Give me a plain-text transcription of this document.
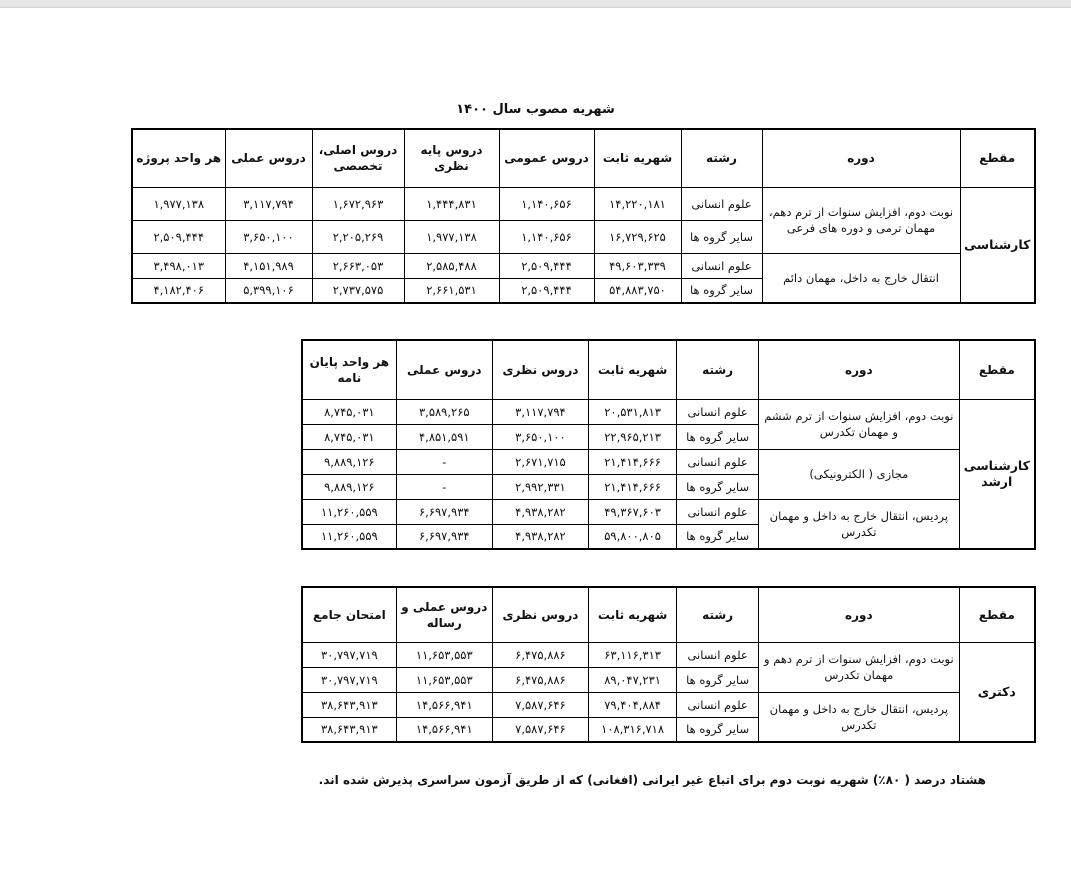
شهریه مصوب سال ۱۴۰۰
مقطع	دوره	رشته	شهریه ثابت	دروس عمومی	دروس پایه نظری	دروس اصلی، تخصصی	دروس عملی	هر واحد پروژه
کارشناسی	نوبت دوم، افزایش سنوات از ترم دهم، مهمان ترمی و دوره های فرعی	علوم انسانی	۱۴,۲۲۰,۱۸۱	۱,۱۴۰,۶۵۶	۱,۴۴۴,۸۳۱	۱,۶۷۲,۹۶۳	۳,۱۱۷,۷۹۴	۱,۹۷۷,۱۳۸
		سایر گروه ها	۱۶,۷۲۹,۶۲۵	۱,۱۴۰,۶۵۶	۱,۹۷۷,۱۳۸	۲,۲۰۵,۲۶۹	۳,۶۵۰,۱۰۰	۲,۵۰۹,۴۴۴
	انتقال خارج به داخل، مهمان دائم	علوم انسانی	۴۹,۶۰۳,۳۳۹	۲,۵۰۹,۴۴۴	۲,۵۸۵,۴۸۸	۲,۶۶۳,۰۵۳	۴,۱۵۱,۹۸۹	۳,۴۹۸,۰۱۳
		سایر گروه ها	۵۴,۸۸۳,۷۵۰	۲,۵۰۹,۴۴۴	۲,۶۶۱,۵۳۱	۲,۷۳۷,۵۷۵	۵,۳۹۹,۱۰۶	۴,۱۸۲,۴۰۶
مقطع	دوره	رشته	شهریه ثابت	دروس نظری	دروس عملی	هر واحد پایان نامه
کارشناسی ارشد	نوبت دوم، افزایش سنوات از ترم ششم و مهمان تکدرس	علوم انسانی	۲۰,۵۳۱,۸۱۳	۳,۱۱۷,۷۹۴	۳,۵۸۹,۲۶۵	۸,۷۴۵,۰۳۱
		سایر گروه ها	۲۲,۹۶۵,۲۱۳	۳,۶۵۰,۱۰۰	۴,۸۵۱,۵۹۱	۸,۷۴۵,۰۳۱
	مجازی ( الکترونیکی)	علوم انسانی	۲۱,۴۱۴,۶۶۶	۲,۶۷۱,۷۱۵	-	۹,۸۸۹,۱۲۶
		سایر گروه ها	۲۱,۴۱۴,۶۶۶	۲,۹۹۲,۳۳۱	-	۹,۸۸۹,۱۲۶
	پردیس، انتقال خارج به داخل و مهمان تکدرس	علوم انسانی	۴۹,۳۶۷,۶۰۳	۴,۹۳۸,۲۸۲	۶,۶۹۷,۹۳۴	۱۱,۲۶۰,۵۵۹
		سایر گروه ها	۵۹,۸۰۰,۸۰۵	۴,۹۳۸,۲۸۲	۶,۶۹۷,۹۳۴	۱۱,۲۶۰,۵۵۹
مقطع	دوره	رشته	شهریه ثابت	دروس نظری	دروس عملی و رساله	امتحان جامع
دکتری	نوبت دوم، افزایش سنوات از ترم دهم و مهمان تکدرس	علوم انسانی	۶۳,۱۱۶,۳۱۳	۶,۴۷۵,۸۸۶	۱۱,۶۵۳,۵۵۳	۳۰,۷۹۷,۷۱۹
		سایر گروه ها	۸۹,۰۴۷,۲۳۱	۶,۴۷۵,۸۸۶	۱۱,۶۵۳,۵۵۳	۳۰,۷۹۷,۷۱۹
	پردیس، انتقال خارج به داخل و مهمان تکدرس	علوم انسانی	۷۹,۴۰۴,۸۸۴	۷,۵۸۷,۶۴۶	۱۴,۵۶۶,۹۴۱	۳۸,۶۴۳,۹۱۳
		سایر گروه ها	۱۰۸,۳۱۶,۷۱۸	۷,۵۸۷,۶۴۶	۱۴,۵۶۶,۹۴۱	۳۸,۶۴۳,۹۱۳
هشتاد درصد ( ۸۰٪) شهریه نوبت دوم برای اتباع غیر ایرانی (افغانی) که از طریق آزمون سراسری پذیرش شده اند.
